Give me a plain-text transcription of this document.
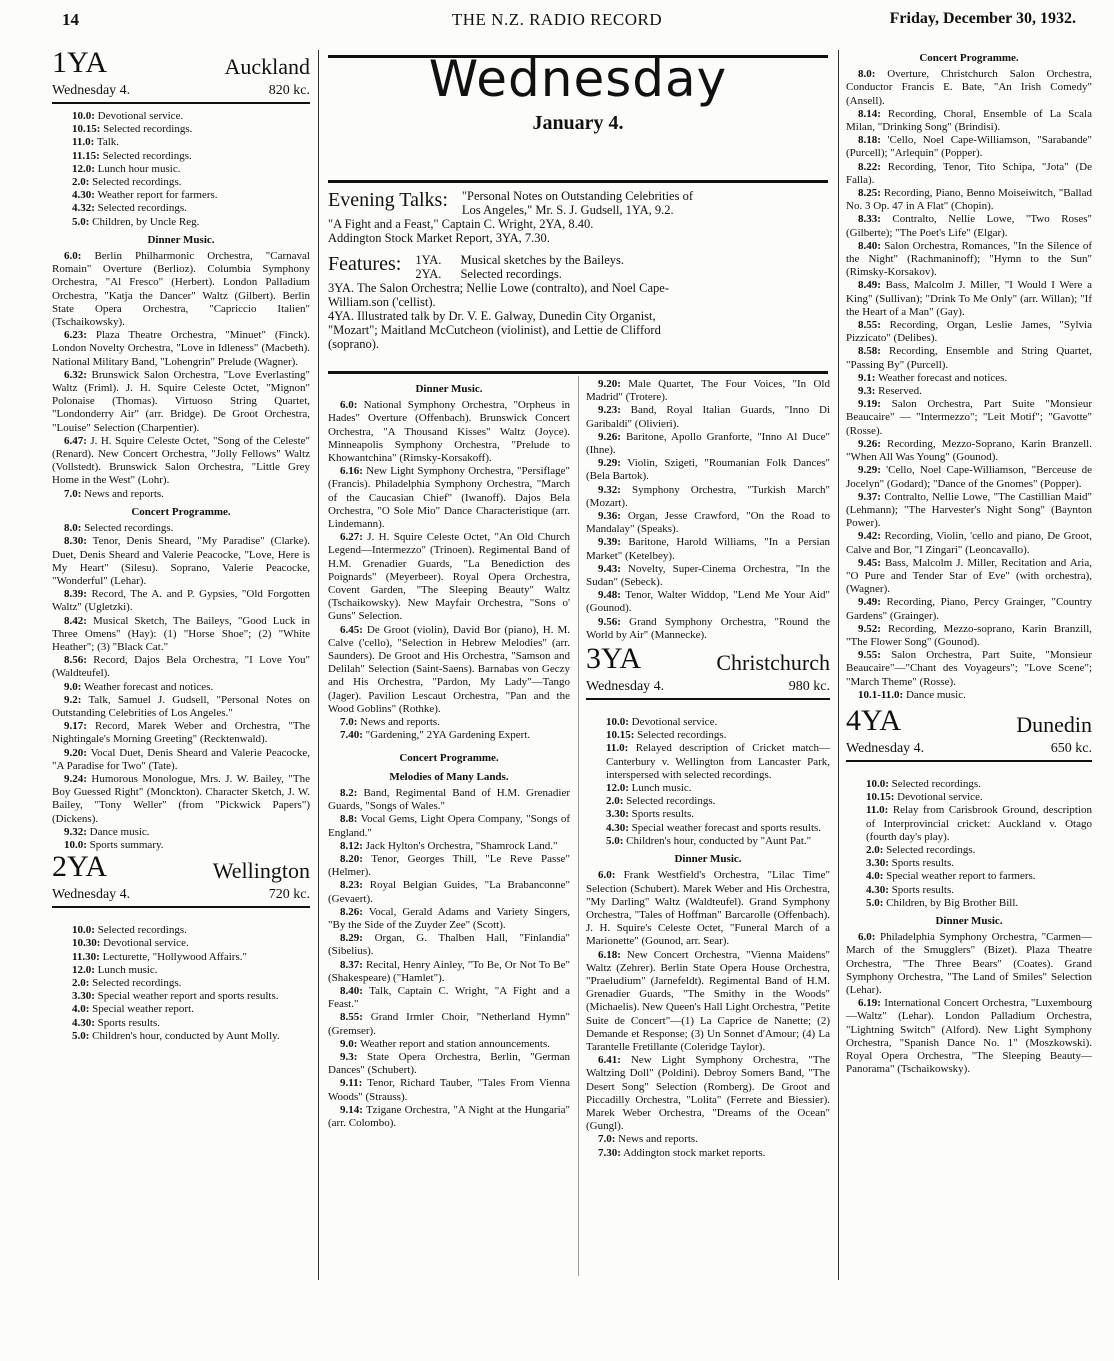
14	THE N.Z. RADIO RECORD	Friday, December 30, 1932.
Wednesday
January 4.
Evening Talks: "Personal Notes on Outstanding Celebrities of
Los Angeles," Mr. S. J. Gudsell, 1YA, 9.2.
"A Fight and a Feast," Captain C. Wright, 2YA, 8.40.
Addington Stock Market Report, 3YA, 7.30.
Features: 1YA. Musical sketches by the Baileys.
2YA. Selected recordings.
3YA. The Salon Orchestra; Nellie Lowe (contralto), and Noel Cape-
William.son ('cellist).
4YA. Illustrated talk by Dr. V. E. Galway, Dunedin City Organist,
"Mozart"; Maitland McCutcheon (violinist), and Lettie de Clifford
(soprano).
1YA	Auckland
Wednesday 4.	820 kc.

10.0: Devotional service.

10.15: Selected recordings.

11.0: Talk.

11.15: Selected recordings.

12.0: Lunch hour music.

2.0: Selected recordings.

4.30: Weather report for farmers.

4.32: Selected recordings.

5.0: Children, by Uncle Reg.

Dinner Music.

6.0: Berlin Philharmonic Orchestra, "Carnaval Romain" Overture (Berlioz). Columbia Symphony Orchestra, "Al Fresco" (Herbert). London Palladium Orchestra, "Katja the Dancer" Waltz (Gilbert). Berlin State Opera Orchestra, "Capriccio Italien" (Tschaikowsky).

6.23: Plaza Theatre Orchestra, "Minuet" (Finck). London Novelty Orchestra, "Love in Idleness" (Macbeth). National Military Band, "Lohengrin" Prelude (Wagner).

6.32: Brunswick Salon Orchestra, "Love Everlasting" Waltz (Friml). J. H. Squire Celeste Octet, "Mignon" Polonaise (Thomas). Virtuoso String Quartet, "Londonderry Air" (arr. Bridge). De Groot Orchestra, "Louise" Selection (Charpentier).

6.47: J. H. Squire Celeste Octet, "Song of the Celeste" (Renard). New Concert Orchestra, "Jolly Fellows" Waltz (Vollstedt). Brunswick Salon Orchestra, "Little Grey Home in the West" (Lohr).

7.0: News and reports.

Concert Programme.

8.0: Selected recordings.

8.30: Tenor, Denis Sheard, "My Paradise" (Clarke). Duet, Denis Sheard and Valerie Peacocke, "Love, Here is My Heart" (Silesu). Soprano, Valerie Peacocke, "Wonderful" (Lehar).

8.39: Record, The A. and P. Gypsies, "Old Forgotten Waltz" (Ugletzki).

8.42: Musical Sketch, The Baileys, "Good Luck in Three Omens" (Hay): (1) "Horse Shoe"; (2) "White Heather"; (3) "Black Cat."

8.56: Record, Dajos Bela Orchestra, "I Love You" (Waldteufel).

9.0: Weather forecast and notices.

9.2: Talk, Samuel J. Gudsell, "Personal Notes on Outstanding Celebrities of Los Angeles."

9.17: Record, Marek Weber and Orchestra, "The Nightingale's Morning Greeting" (Recktenwald).

9.20: Vocal Duet, Denis Sheard and Valerie Peacocke, "A Paradise for Two" (Tate).

9.24: Humorous Monologue, Mrs. J. W. Bailey, "The Boy Guessed Right" (Monckton). Character Sketch, J. W. Bailey, "Tony Weller" (from "Pickwick Papers") (Dickens).

9.32: Dance music.

10.0: Sports summary.

2YA	Wellington
Wednesday 4.	720 kc.

10.0: Selected recordings.

10.30: Devotional service.

11.30: Lecturette, "Hollywood Affairs."

12.0: Lunch music.

2.0: Selected recordings.

3.30: Special weather report and sports results.

4.0: Special weather report.

4.30: Sports results.

5.0: Children's hour, conducted by Aunt Molly.

Dinner Music.

6.0: National Symphony Orchestra, "Orpheus in Hades" Overture (Offenbach). Brunswick Concert Orchestra, "A Thousand Kisses" Waltz (Joyce). Minneapolis Symphony Orchestra, "Prelude to Khowantchina" (Rimsky-Korsakoff).

6.16: New Light Symphony Orchestra, "Persiflage" (Francis). Philadelphia Symphony Orchestra, "March of the Caucasian Chief" (Iwanoff). Dajos Bela Orchestra, "O Sole Mio" Dance Characteristique (arr. Lindemann).

6.27: J. H. Squire Celeste Octet, "An Old Church Legend—Intermezzo" (Trinoen). Regimental Band of H.M. Grenadier Guards, "La Benediction des Poignards" (Meyerbeer). Royal Opera Orchestra, Covent Garden, "The Sleeping Beauty" Waltz (Tschaikowsky). New Mayfair Orchestra, "Sons o' Guns" Selection.

6.45: De Groot (violin), David Bor (piano), H. M. Calve ('cello), "Selection in Hebrew Melodies" (arr. Saunders). De Groot and His Orchestra, "Samson and Delilah" Selection (Saint-Saens). Barnabas von Geczy and His Orchestra, "Pardon, My Lady"—Tango (Jager). Pavilion Lescaut Orchestra, "Pan and the Wood Goblins" (Rothke).

7.0: News and reports.

7.40: "Gardening," 2YA Gardening Expert.

Concert Programme.
Melodies of Many Lands.

8.2: Band, Regimental Band of H.M. Grenadier Guards, "Songs of Wales."

8.8: Vocal Gems, Light Opera Company, "Songs of England."

8.12: Jack Hylton's Orchestra, "Shamrock Land."

8.20: Tenor, Georges Thill, "Le Reve Passe" (Helmer).

8.23: Royal Belgian Guides, "La Brabanconne" (Gevaert).

8.26: Vocal, Gerald Adams and Variety Singers, "By the Side of the Zuyder Zee" (Scott).

8.29: Organ, G. Thalben Hall, "Finlandia" (Sibelius).

8.37: Recital, Henry Ainley, "To Be, Or Not To Be" (Shakespeare) ("Hamlet").

8.40: Talk, Captain C. Wright, "A Fight and a Feast."

8.55: Grand Irmler Choir, "Netherland Hymn" (Gremser).

9.0: Weather report and station announcements.

9.3: State Opera Orchestra, Berlin, "German Dances" (Schubert).

9.11: Tenor, Richard Tauber, "Tales From Vienna Woods" (Strauss).

9.14: Tzigane Orchestra, "A Night at the Hungaria" (arr. Colombo).

9.20: Male Quartet, The Four Voices, "In Old Madrid" (Trotere).

9.23: Band, Royal Italian Guards, "Inno Di Garibaldi" (Olivieri).

9.26: Baritone, Apollo Granforte, "Inno Al Duce" (Ihne).

9.29: Violin, Szigeti, "Roumanian Folk Dances" (Bela Bartok).

9.32: Symphony Orchestra, "Turkish March" (Mozart).

9.36: Organ, Jesse Crawford, "On the Road to Mandalay" (Speaks).

9.39: Baritone, Harold Williams, "In a Persian Market" (Ketelbey).

9.43: Novelty, Super-Cinema Orchestra, "In the Sudan" (Sebeck).

9.48: Tenor, Walter Widdop, "Lend Me Your Aid" (Gounod).

9.56: Grand Symphony Orchestra, "Round the World by Air" (Mannecke).

3YA	Christchurch
Wednesday 4.	980 kc.

10.0: Devotional service.

10.15: Selected recordings.

11.0: Relayed description of Cricket match—Canterbury v. Wellington from Lancaster Park, interspersed with selected recordings.

12.0: Lunch music.

2.0: Selected recordings.

3.30: Sports results.

4.30: Special weather forecast and sports results.

5.0: Children's hour, conducted by "Aunt Pat."

Dinner Music.

6.0: Frank Westfield's Orchestra, "Lilac Time" Selection (Schubert). Marek Weber and His Orchestra, "My Darling" Waltz (Waldteufel). Grand Symphony Orchestra, "Tales of Hoffman" Barcarolle (Offenbach). J. H. Squire's Celeste Octet, "Funeral March of a Marionette" (Gounod, arr. Sear).

6.18: New Concert Orchestra, "Vienna Maidens" Waltz (Zehrer). Berlin State Opera House Orchestra, "Praeludium" (Jarnefeldt). Regimental Band of H.M. Grenadier Guards, "The Smithy in the Woods" (Michaelis). New Queen's Hall Light Orchestra, "Petite Suite de Concert"—(1) La Caprice de Nanette; (2) Demande et Response; (3) Un Sonnet d'Amour; (4) La Tarantelle Fretillante (Coleridge Taylor).

6.41: New Light Symphony Orchestra, "The Waltzing Doll" (Poldini). Debroy Somers Band, "The Desert Song" Selection (Romberg). De Groot and Piccadilly Orchestra, "Lolita" (Ferrete and Biessier). Marek Weber Orchestra, "Dreams of the Ocean" (Gungl).

7.0: News and reports.

7.30: Addington stock market reports.

Concert Programme.

8.0: Overture, Christchurch Salon Orchestra, Conductor Francis E. Bate, "An Irish Comedy" (Ansell).

8.14: Recording, Choral, Ensemble of La Scala Milan, "Drinking Song" (Brindisi).

8.18: 'Cello, Noel Cape-Williamson, "Sarabande" (Purcell); "Arlequin" (Popper).

8.22: Recording, Tenor, Tito Schipa, "Jota" (De Falla).

8.25: Recording, Piano, Benno Moiseiwitch, "Ballad No. 3 Op. 47 in A Flat" (Chopin).

8.33: Contralto, Nellie Lowe, "Two Roses" (Gilberte); "The Poet's Life" (Elgar).

8.40: Salon Orchestra, Romances, "In the Silence of the Night" (Rachmaninoff); "Hymn to the Sun" (Rimsky-Korsakov).

8.49: Bass, Malcolm J. Miller, "I Would I Were a King" (Sullivan); "Drink To Me Only" (arr. Willan); "If the Heart of a Man" (Gay).

8.55: Recording, Organ, Leslie James, "Sylvia Pizzicato" (Delibes).

8.58: Recording, Ensemble and String Quartet, "Passing By" (Purcell).

9.1: Weather forecast and notices.

9.3: Reserved.

9.19: Salon Orchestra, Part Suite "Monsieur Beaucaire" — "Intermezzo"; "Leit Motif"; "Gavotte" (Rosse).

9.26: Recording, Mezzo-Soprano, Karin Branzell. "When All Was Young" (Gounod).

9.29: 'Cello, Noel Cape-Williamson, "Berceuse de Jocelyn" (Godard); "Dance of the Gnomes" (Popper).

9.37: Contralto, Nellie Lowe, "The Castillian Maid" (Lehmann); "The Harvester's Night Song" (Baynton Power).

9.42: Recording, Violin, 'cello and piano, De Groot, Calve and Bor, "I Zingari" (Leoncavallo).

9.45: Bass, Malcolm J. Miller, Recitation and Aria, "O Pure and Tender Star of Eve" (with orchestra), (Wagner).

9.49: Recording, Piano, Percy Grainger, "Country Gardens" (Grainger).

9.52: Recording, Mezzo-soprano, Karin Branzill, "The Flower Song" (Gounod).

9.55: Salon Orchestra, Part Suite, "Monsieur Beaucaire"—"Chant des Voyageurs"; "Love Scene"; "March Theme" (Rosse).

10.1-11.0: Dance music.

4YA	Dunedin
Wednesday 4.	650 kc.

10.0: Selected recordings.

10.15: Devotional service.

11.0: Relay from Carisbrook Ground, description of Interprovincial cricket: Auckland v. Otago (fourth day's play).

2.0: Selected recordings.

3.30: Sports results.

4.0: Special weather report to farmers.

4.30: Sports results.

5.0: Children, by Big Brother Bill.

Dinner Music.

6.0: Philadelphia Symphony Orchestra, "Carmen—March of the Smugglers" (Bizet). Plaza Theatre Orchestra, "The Three Bears" (Coates). Grand Symphony Orchestra, "The Land of Smiles" Selection (Lehar).

6.19: International Concert Orchestra, "Luxembourg—Waltz" (Lehar). London Palladium Orchestra, "Lightning Switch" (Alford). New Light Symphony Orchestra, "Spanish Dance No. 1" (Moszkowski). Royal Opera Orchestra, "The Sleeping Beauty—Panorama" (Tschaikowsky).
